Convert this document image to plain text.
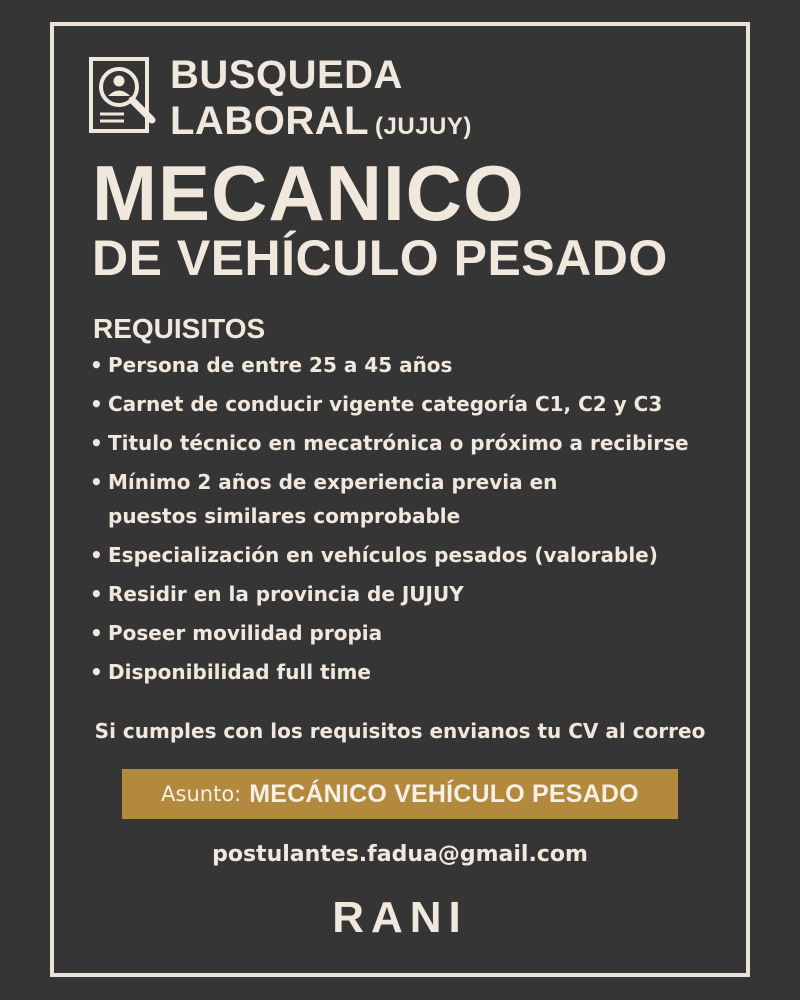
BUSQUEDA
LABORAL (JUJUY)
MECANICO
DE VEHÍCULO PESADO
REQUISITOS
• Persona de entre 25 a 45 años
• Carnet de conducir vigente categoría C1, C2 y C3
• Titulo técnico en mecatrónica o próximo a recibirse
• Mínimo 2 años de experiencia previa en puestos similares comprobable
• Especialización en vehículos pesados (valorable)
• Residir en la provincia de JUJUY
• Poseer movilidad propia
• Disponibilidad full time
Si cumples con los requisitos envianos tu CV al correo
Asunto: MECÁNICO VEHÍCULO PESADO
postulantes.fadua@gmail.com
RANI
